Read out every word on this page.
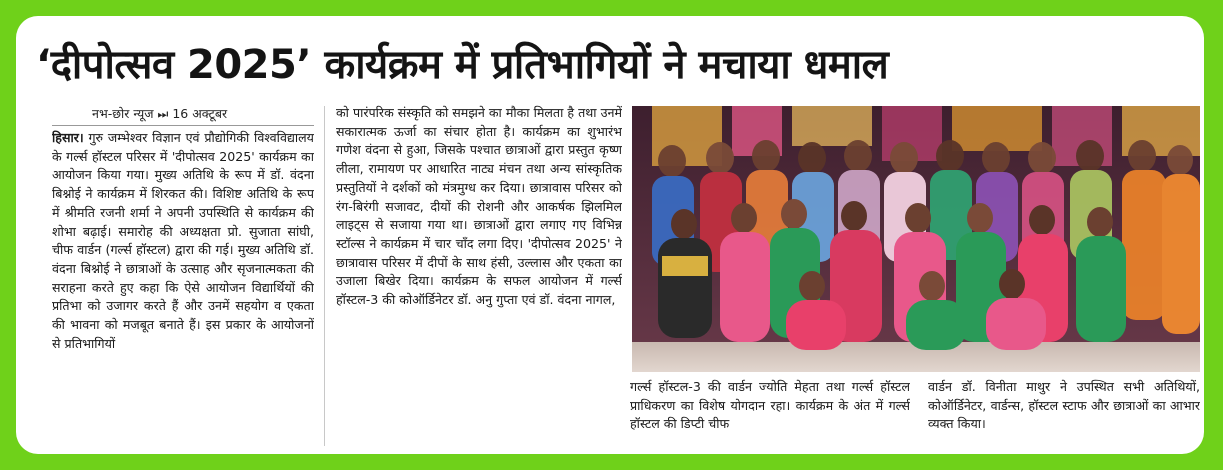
‘दीपोत्सव 2025’ कार्यक्रम में प्रतिभागियों ने मचाया धमाल
नभ-छोर न्यूज ⏭ 16 अक्टूबर
हिसार। गुरु जम्भेश्वर विज्ञान एवं प्रौद्योगिकी विश्वविद्यालय के गर्ल्स हॉस्टल परिसर में 'दीपोत्सव 2025' कार्यक्रम का आयोजन किया गया। मुख्य अतिथि के रूप में डॉ. वंदना बिश्नोई ने कार्यक्रम में शिरकत की। विशिष्ट अतिथि के रूप में श्रीमति रजनी शर्मा ने अपनी उपस्थिति से कार्यक्रम की शोभा बढ़ाई। समारोह की अध्यक्षता प्रो. सुजाता सांघी, चीफ वार्डन (गर्ल्स हॉस्टल) द्वारा की गई। मुख्य अतिथि डॉ. वंदना बिश्नोई ने छात्राओं के उत्साह और सृजनात्मकता की सराहना करते हुए कहा कि ऐसे आयोजन विद्यार्थियों की प्रतिभा को उजागर करते हैं और उनमें सहयोग व एकता की भावना को मजबूत बनाते हैं। इस प्रकार के आयोजनों से प्रतिभागियों
को पारंपरिक संस्कृति को समझने का मौका मिलता है तथा उनमें सकारात्मक ऊर्जा का संचार होता है। कार्यक्रम का शुभारंभ गणेश वंदना से हुआ, जिसके पश्चात छात्राओं द्वारा प्रस्तुत कृष्ण लीला, रामायण पर आधारित नाट्य मंचन तथा अन्य सांस्कृतिक प्रस्तुतियों ने दर्शकों को मंत्रमुग्ध कर दिया। छात्रावास परिसर को रंग-बिरंगी सजावट, दीयों की रोशनी और आकर्षक झिलमिल लाइट्स से सजाया गया था। छात्राओं द्वारा लगाए गए विभिन्न स्टॉल्स ने कार्यक्रम में चार चाँद लगा दिए। 'दीपोत्सव 2025' ने छात्रावास परिसर में दीपों के साथ हंसी, उल्लास और एकता का उजाला बिखेर दिया। कार्यक्रम के सफल आयोजन में गर्ल्स हॉस्टल-3 की कोऑर्डिनेटर डॉ. अनु गुप्ता एवं डॉ. वंदना नागल,
गर्ल्स हॉस्टल-3 की वार्डन ज्योति मेहता तथा गर्ल्स हॉस्टल प्राधिकरण का विशेष योगदान रहा। कार्यक्रम के अंत में गर्ल्स हॉस्टल की डिप्टी चीफ
वार्डन डॉ. विनीता माथुर ने उपस्थित सभी अतिथियों, कोऑर्डिनेटर, वार्डन्स, हॉस्टल स्टाफ और छात्राओं का आभार व्यक्त किया।
